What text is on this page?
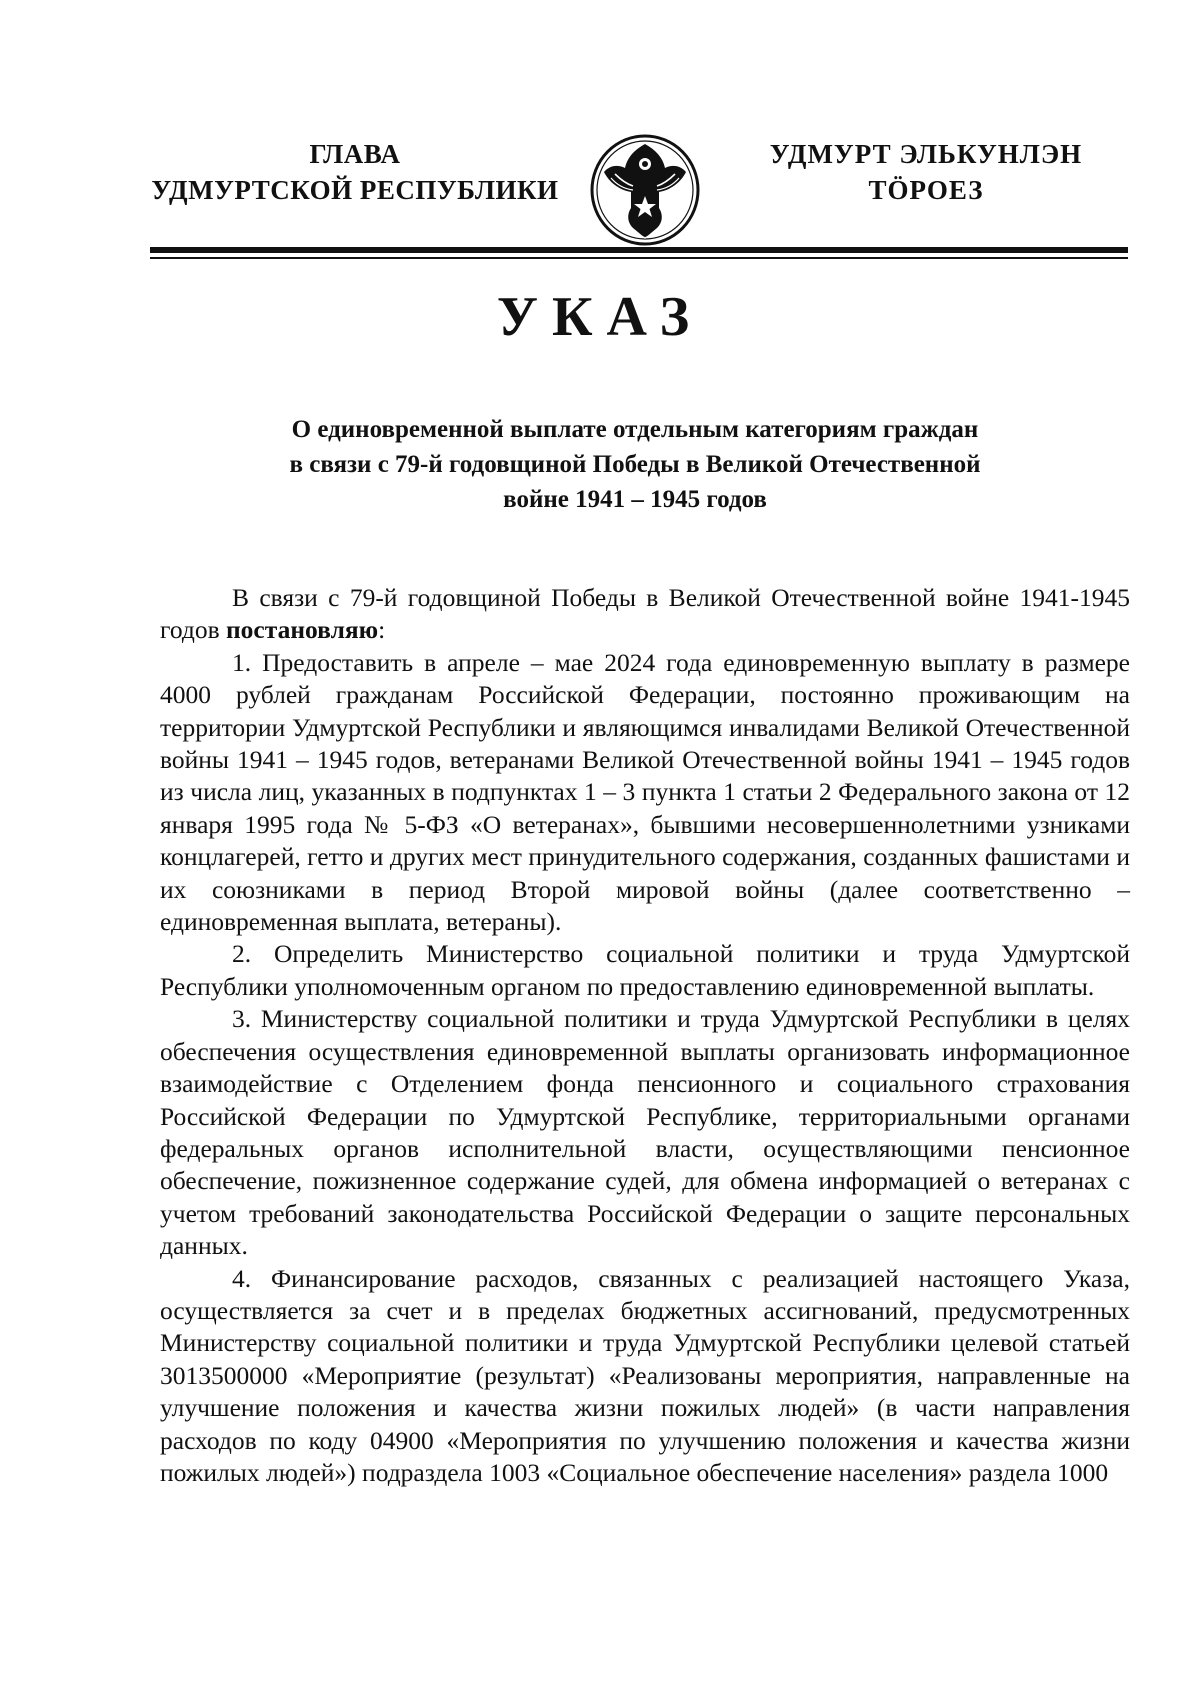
ГЛАВА
УДМУРТСКОЙ РЕСПУБЛИКИ
УДМУРТ ЭЛЬКУНЛЭН
ТӦРОЕЗ
УКАЗ
О единовременной выплате отдельным категориям граждан
в связи с 79-й годовщиной Победы в Великой Отечественной
войне 1941 – 1945 годов

В связи с 79-й годовщиной Победы в Великой Отечественной войне 1941-1945 годов постановляю:

1. Предоставить в апреле – мае 2024 года единовременную выплату в размере 4000 рублей гражданам Российской Федерации, постоянно проживающим на территории Удмуртской Республики и являющимся инвалидами Великой Отечественной войны 1941 – 1945 годов, ветеранами Великой Отечественной войны 1941 – 1945 годов из числа лиц, указанных в подпунктах 1 – 3 пункта 1 статьи 2 Федерального закона от 12 января 1995 года № 5-ФЗ «О ветеранах», бывшими несовершеннолетними узниками концлагерей, гетто и других мест принудительного содержания, созданных фашистами и их союзниками в период Второй мировой войны (далее соответственно – единовременная выплата, ветераны).

2. Определить Министерство социальной политики и труда Удмуртской Республики уполномоченным органом по предоставлению единовременной выплаты.

3. Министерству социальной политики и труда Удмуртской Республики в целях обеспечения осуществления единовременной выплаты организовать информационное взаимодействие с Отделением фонда пенсионного и социального страхования Российской Федерации по Удмуртской Республике, территориальными органами федеральных органов исполнительной власти, осуществляющими пенсионное обеспечение, пожизненное содержание судей, для обмена информацией о ветеранах с учетом требований законодательства Российской Федерации о защите персональных данных.

4. Финансирование расходов, связанных с реализацией настоящего Указа, осуществляется за счет и в пределах бюджетных ассигнований, предусмотренных Министерству социальной политики и труда Удмуртской Республики целевой статьей 3013500000 «Мероприятие (результат) «Реализованы мероприятия, направленные на улучшение положения и качества жизни пожилых людей» (в части направления расходов по коду 04900 «Мероприятия по улучшению положения и качества жизни пожилых людей») подраздела 1003 «Социальное обеспечение населения» раздела 1000
